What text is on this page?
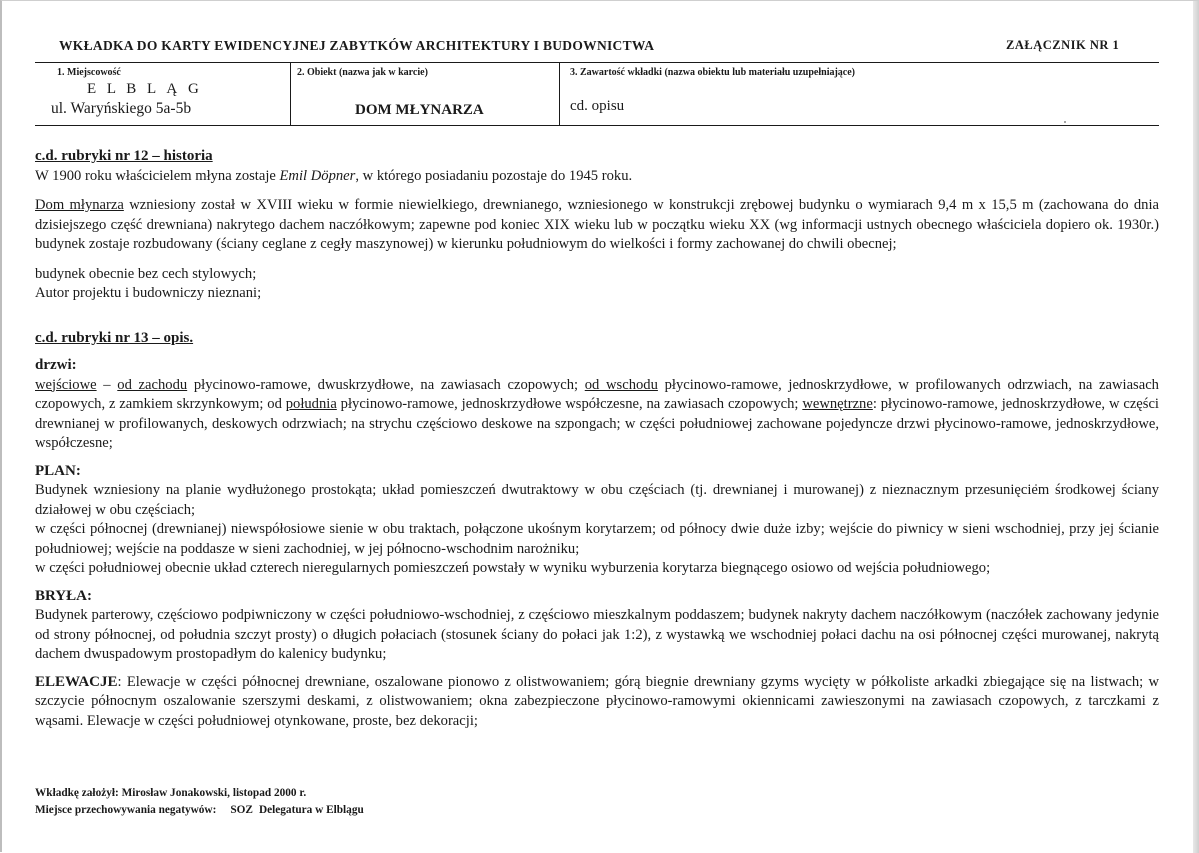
WKŁADKA DO KARTY EWIDENCYJNEJ ZABYTKÓW ARCHITEKTURY I BUDOWNICTWA	ZAŁĄCZNIK NR 1
1. Miejscowość
E L B L Ą G
ul. Waryńskiego 5a-5b
2. Obiekt (nazwa jak w karcie)
DOM MŁYNARZA
3. Zawartość wkładki (nazwa obiektu lub materiału uzupełniające)
cd. opisu

c.d. rubryki nr 12 – historia

W 1900 roku właścicielem młyna zostaje Emil Döpner, w którego posiadaniu pozostaje do 1945 roku.

Dom młynarza wzniesiony został w XVIII wieku w formie niewielkiego, drewnianego, wzniesionego w konstrukcji zrębowej budynku o wymiarach 9,4 m x 15,5 m (zachowana do dnia dzisiejszego część drewniana) nakrytego dachem naczółkowym; zapewne pod koniec XIX wieku lub w początku wieku XX (wg informacji ustnych obecnego właściciela dopiero ok. 1930r.) budynek zostaje rozbudowany (ściany ceglane z cegły maszynowej) w kierunku południowym do wielkości i formy zachowanej do chwili obecnej;

budynek obecnie bez cech stylowych;

Autor projektu i budowniczy nieznani;

c.d. rubryki nr 13 – opis.

drzwi:

wejściowe – od zachodu płycinowo-ramowe, dwuskrzydłowe, na zawiasach czopowych; od wschodu płycinowo-ramowe, jednoskrzydłowe, w profilowanych odrzwiach, na zawiasach czopowych, z zamkiem skrzynkowym; od południa płycinowo-ramowe, jednoskrzydłowe współczesne, na zawiasach czopowych; wewnętrzne: płycinowo-ramowe, jednoskrzydłowe, w części drewnianej w profilowanych, deskowych odrzwiach; na strychu częściowo deskowe na szpongach; w części południowej zachowane pojedyncze drzwi płycinowo-ramowe, jednoskrzydłowe, współczesne;

PLAN:

Budynek wzniesiony na planie wydłużonego prostokąta; układ pomieszczeń dwutraktowy w obu częściach (tj. drewnianej i murowanej) z nieznacznym przesunięciem środkowej ściany działowej w obu częściach;

w części północnej (drewnianej) niewspółosiowe sienie w obu traktach, połączone ukośnym korytarzem; od północy dwie duże izby; wejście do piwnicy w sieni wschodniej, przy jej ścianie południowej; wejście na poddasze w sieni zachodniej, w jej północno-wschodnim narożniku;

w części południowej obecnie układ czterech nieregularnych pomieszczeń powstały w wyniku wyburzenia korytarza biegnącego osiowo od wejścia południowego;

BRYŁA:

Budynek parterowy, częściowo podpiwniczony w części południowo-wschodniej, z częściowo mieszkalnym poddaszem; budynek nakryty dachem naczółkowym (naczółek zachowany jedynie od strony północnej, od południa szczyt prosty) o długich połaciach (stosunek ściany do połaci jak 1:2), z wystawką we wschodniej połaci dachu na osi północnej części murowanej, nakrytą dachem dwuspadowym prostopadłym do kalenicy budynku;

ELEWACJE: Elewacje w części północnej drewniane, oszalowane pionowo z olistwowaniem; górą biegnie drewniany gzyms wycięty w półkoliste arkadki zbiegające się na listwach; w szczycie północnym oszalowanie szerszymi deskami, z olistwowaniem; okna zabezpieczone płycinowo-ramowymi okiennicami zawieszonymi na zawiasach czopowych, z tarczkami z wąsami. Elewacje w części południowej otynkowane, proste, bez dekoracji;

Wkładkę założył: Mirosław Jonakowski, listopad 2000 r.
Miejsce przechowywania negatywów: SOZ Delegatura w Elblągu
